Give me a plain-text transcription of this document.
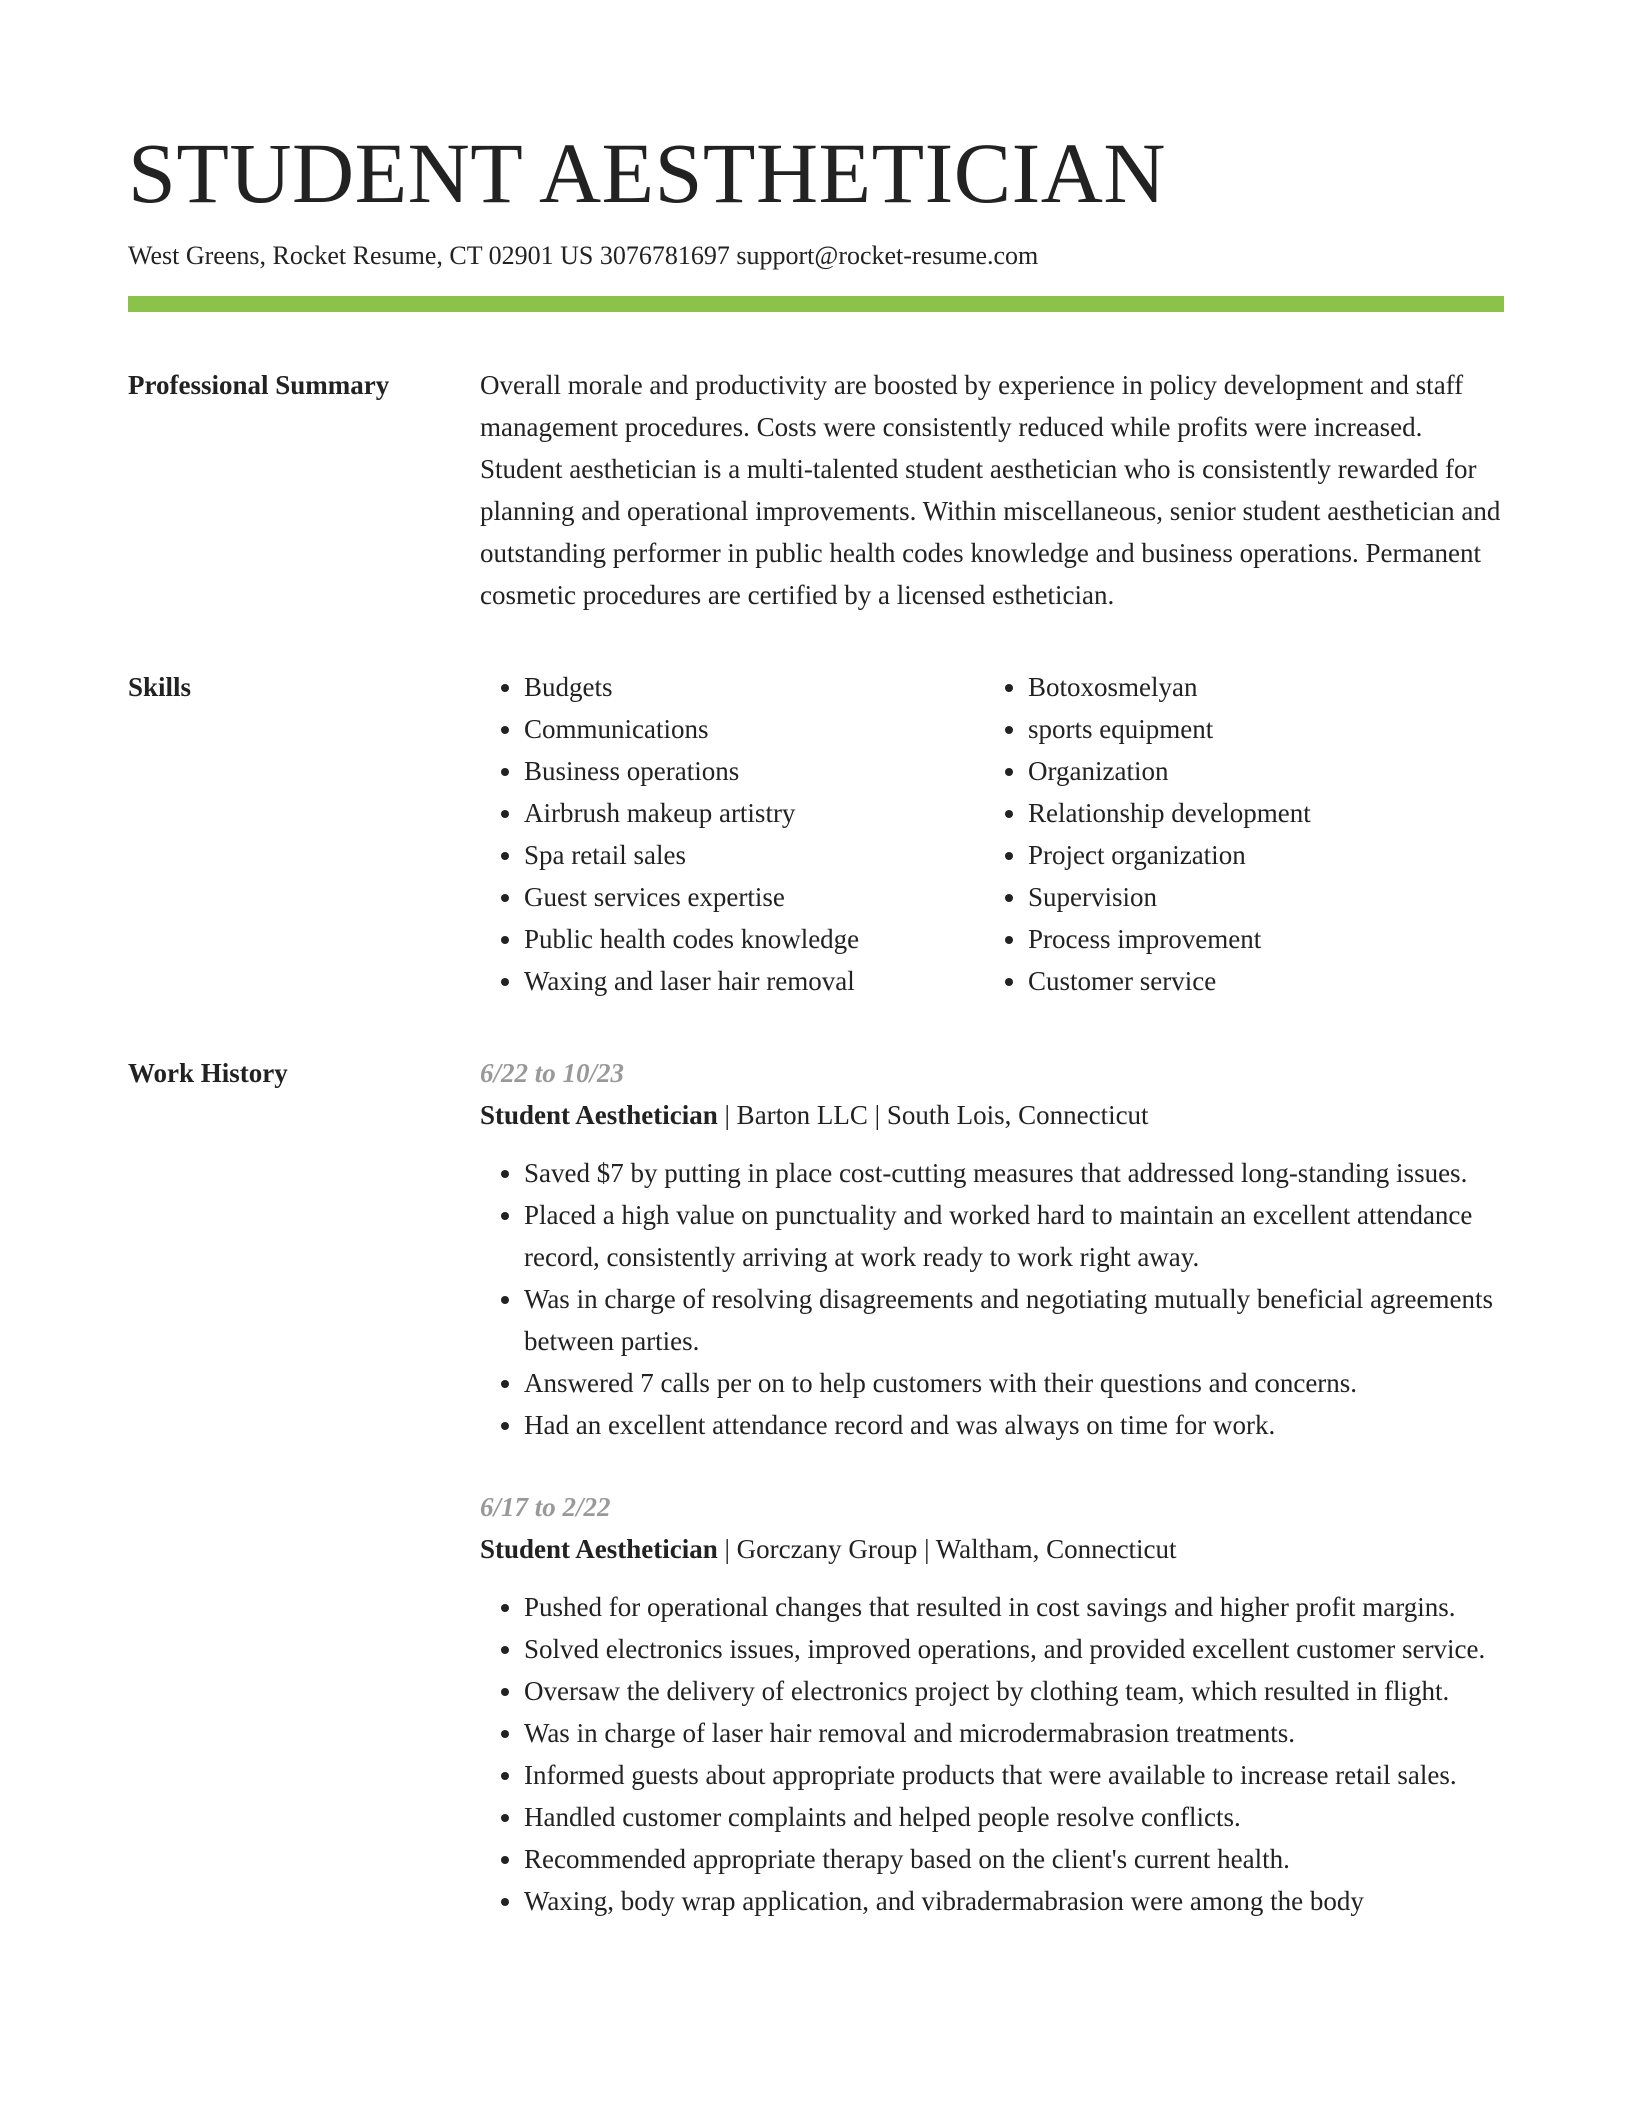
STUDENT AESTHETICIAN
West Greens, Rocket Resume, CT 02901 US 3076781697 support@rocket-resume.com
Professional Summary	Overall morale and productivity are boosted by experience in policy development and staff management procedures. Costs were consistently reduced while profits were increased. Student aesthetician is a multi-talented student aesthetician who is consistently rewarded for planning and operational improvements. Within miscellaneous, senior student aesthetician and outstanding performer in public health codes knowledge and business operations. Permanent cosmetic procedures are certified by a licensed esthetician.

Skills
•	Budgets
• Communications
• Business operations
• Airbrush makeup artistry
• Spa retail sales
• Guest services expertise
• Public health codes knowledge
• Waxing and laser hair removal
• Botoxosmelyan
• sports equipment
• Organization
• Relationship development
• Project organization
• Supervision
• Process improvement
• Customer service
Work History	6/22 to 10/23
Student Aesthetician | Barton LLC | South Lois, Connecticut
• Saved $7 by putting in place cost-cutting measures that addressed long-standing issues.
• Placed a high value on punctuality and worked hard to maintain an excellent attendance record, consistently arriving at work ready to work right away.
• Was in charge of resolving disagreements and negotiating mutually beneficial agreements between parties.
• Answered 7 calls per on to help customers with their questions and concerns.
• Had an excellent attendance record and was always on time for work.
6/17 to 2/22
Student Aesthetician | Gorczany Group | Waltham, Connecticut
• Pushed for operational changes that resulted in cost savings and higher profit margins.
• Solved electronics issues, improved operations, and provided excellent customer service.
• Oversaw the delivery of electronics project by clothing team, which resulted in flight.
• Was in charge of laser hair removal and microdermabrasion treatments.
• Informed guests about appropriate products that were available to increase retail sales.
• Handled customer complaints and helped people resolve conflicts.
• Recommended appropriate therapy based on the client's current health.
• Waxing, body wrap application, and vibradermabrasion were among the body
